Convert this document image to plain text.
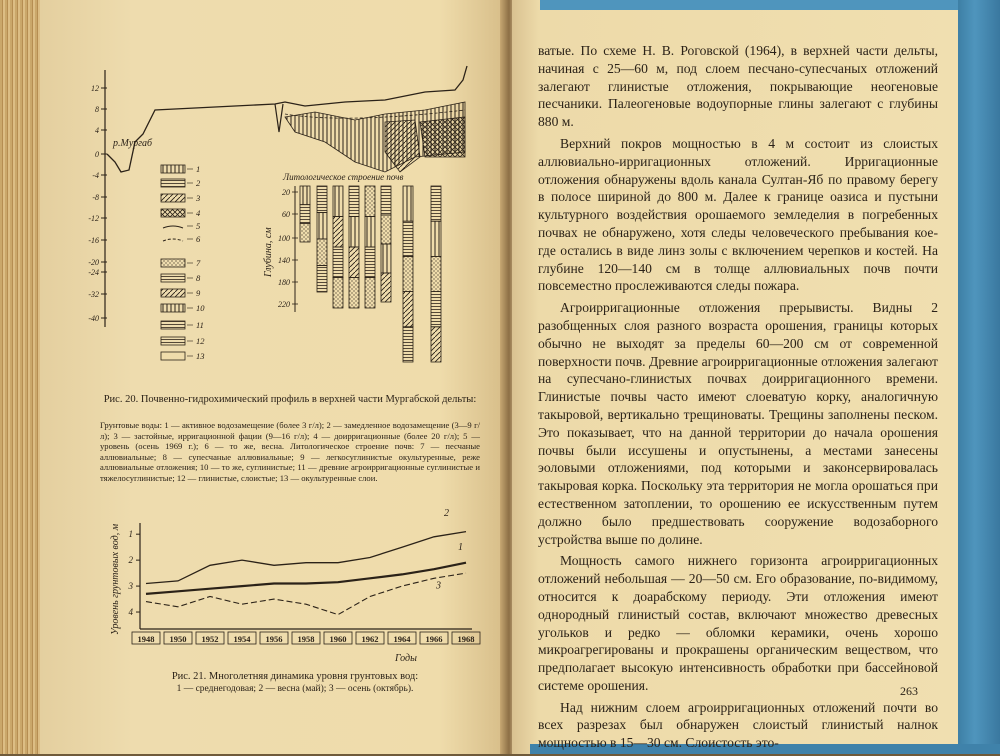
12
8
4
0
-4
-8
-12
-16
-20
-24
-32
-40
р.Мургаб
1
2
3
4
5
6
7
8
9
10
11
12
13
Литологическое строение почв
Глубина, см
20
60
100
140
180
220
Рис. 20. Почвенно-гидрохимический профиль в верхней части Мургабской дельты:
Грунтовые воды: 1 — активное водозамещение (более 3 г/л); 2 — замедленное водозамещение (3—9 г/л); 3 — застойные, ирригационной фации (9—16 г/л); 4 — доирригационные (более 20 г/л); 5 — уровень (осень 1969 г.); 6 — то же, весна. Литологическое строение почв: 7 — песчаные аллювиальные; 8 — супесчаные аллювиальные; 9 — легкосуглинистые окультуренные, реже аллювиальные отложения; 10 — то же, суглинистые; 11 — древние агроирригационные суглинистые и тяжелосуглинистые; 12 — глинистые, слоистые; 13 — окультуренные слои.
Уровень грунтовых вод, м	1
2
3
1948 1950 1952 1954 1956 1958 1960 1962 1964 1966 1968
1
2
3
4
Годы
Рис. 21. Многолетняя динамика уровня грунтовых вод:
1 — среднегодовая; 2 — весна (май); 3 — осень (октябрь).

ватые. По схеме Н. В. Роговской (1964), в верхней части дельты, начиная с 25—60 м, под слоем песчано-супесчаных отложений залегают глинистые отложения, покрывающие неогеновые песчаники. Палеогеновые водоупорные глины залегают с глубины 880 м.

Верхний покров мощностью в 4 м состоит из слоистых аллювиально-ирригационных отложений. Ирригационные отложения обнаружены вдоль канала Султан-Яб по правому берегу в полосе шириной до 800 м. Далее к границе оазиса и пустыни культурного воздействия орошаемого земледелия в погребенных почвах не обнаружено, хотя следы человеческого пребывания кое-где остались в виде линз золы с включением черепков и костей. На глубине 120—140 см в толще аллювиальных почв почти повсеместно прослеживаются следы пожара.

Агроирригационные отложения прерывисты. Видны 2 разобщенных слоя разного возраста орошения, границы которых обычно не выходят за пределы 60—200 см от современной поверхности почв. Древние агроирригационные отложения залегают на супесчано-глинистых почвах доирригационного времени. Глинистые почвы часто имеют слоеватую корку, аналогичную такыровой, вертикально трещиноваты. Трещины заполнены песком. Это показывает, что на данной территории до начала орошения почвы были иссушены и опустынены, а местами занесены эоловыми отложениями, под которыми и законсервировалась такыровая корка. Поскольку эта территория не могла орошаться при естественном затоплении, то орошению ее искусственным путем должно было предшествовать сооружение водозаборного устройства выше по долине.

Мощность самого нижнего горизонта агроирригационных отложений небольшая — 20—50 см. Его образование, по-видимому, относится к доарабскому периоду. Эти отложения имеют однородный глинистый состав, включают множество древесных угольков и редко — обломки керамики, очень хорошо микроагрегированы и прокрашены органическим веществом, что предполагает высокую интенсивность обработки при бассейновой системе орошения.

Над нижним слоем агроирригационных отложений почти во всех разрезах был обнаружен слоистый глинистый налнок мощностью в 15—30 см. Слоистость это-

263
